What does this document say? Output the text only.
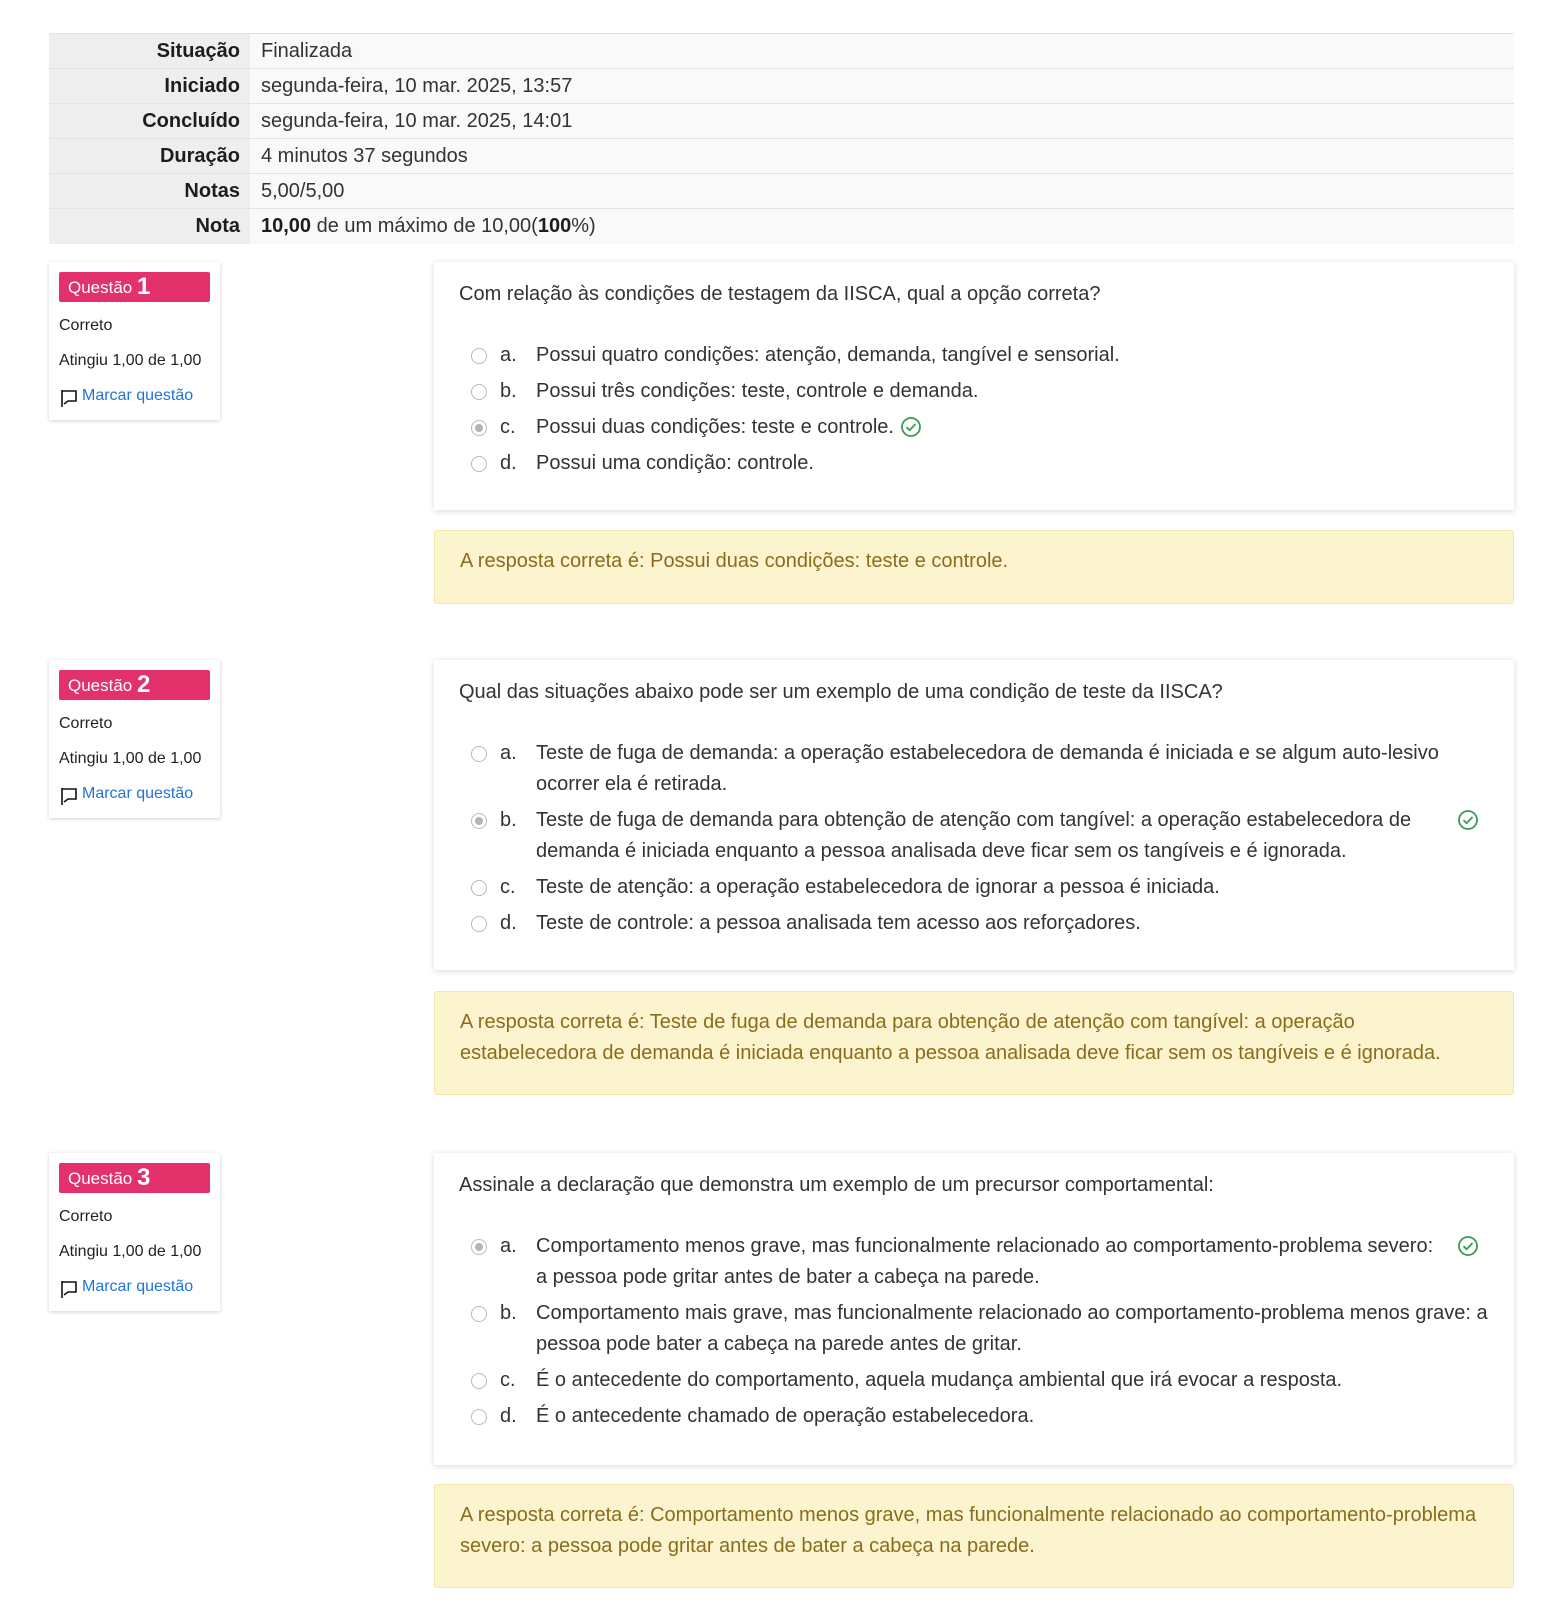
Situação	Finalizada
Iniciado	segunda-feira, 10 mar. 2025, 13:57
Concluído	segunda-feira, 10 mar. 2025, 14:01
Duração	4 minutos 37 segundos
Notas	5,00/5,00
Nota	10,00 de um máximo de 10,00(100%)
Questão 1
Correto
Atingiu 1,00 de 1,00
Marcar questão
Com relação às condições de testagem da IISCA, qual a opção correta?
a. Possui quatro condições: atenção, demanda, tangível e sensorial.
b. Possui três condições: teste, controle e demanda.
c.	Possui duas condições: teste e controle.
d. Possui uma condição: controle.
A resposta correta é: Possui duas condições: teste e controle.
Questão 2
Correto
Atingiu 1,00 de 1,00
Marcar questão
Qual das situações abaixo pode ser um exemplo de uma condição de teste da IISCA?
a. Teste de fuga de demanda: a operação estabelecedora de demanda é iniciada e se algum auto-lesivo ocorrer ela é retirada.
b. Teste de fuga de demanda para obtenção de atenção com tangível: a operação estabelecedora de demanda é iniciada enquanto a pessoa analisada deve ficar sem os tangíveis e é ignorada.
c.	Teste de atenção: a operação estabelecedora de ignorar a pessoa é iniciada.
d. Teste de controle: a pessoa analisada tem acesso aos reforçadores.
A resposta correta é: Teste de fuga de demanda para obtenção de atenção com tangível: a operação estabelecedora de demanda é iniciada enquanto a pessoa analisada deve ficar sem os tangíveis e é ignorada.
Questão 3
Correto
Atingiu 1,00 de 1,00
Marcar questão
Assinale a declaração que demonstra um exemplo de um precursor comportamental:
a. Comportamento menos grave, mas funcionalmente relacionado ao comportamento-problema severo: a pessoa pode gritar antes de bater a cabeça na parede.
b. Comportamento mais grave, mas funcionalmente relacionado ao comportamento-problema menos grave: a pessoa pode bater a cabeça na parede antes de gritar.
c.	É o antecedente do comportamento, aquela mudança ambiental que irá evocar a resposta.
d. É o antecedente chamado de operação estabelecedora.
A resposta correta é: Comportamento menos grave, mas funcionalmente relacionado ao comportamento-problema severo: a pessoa pode gritar antes de bater a cabeça na parede.
